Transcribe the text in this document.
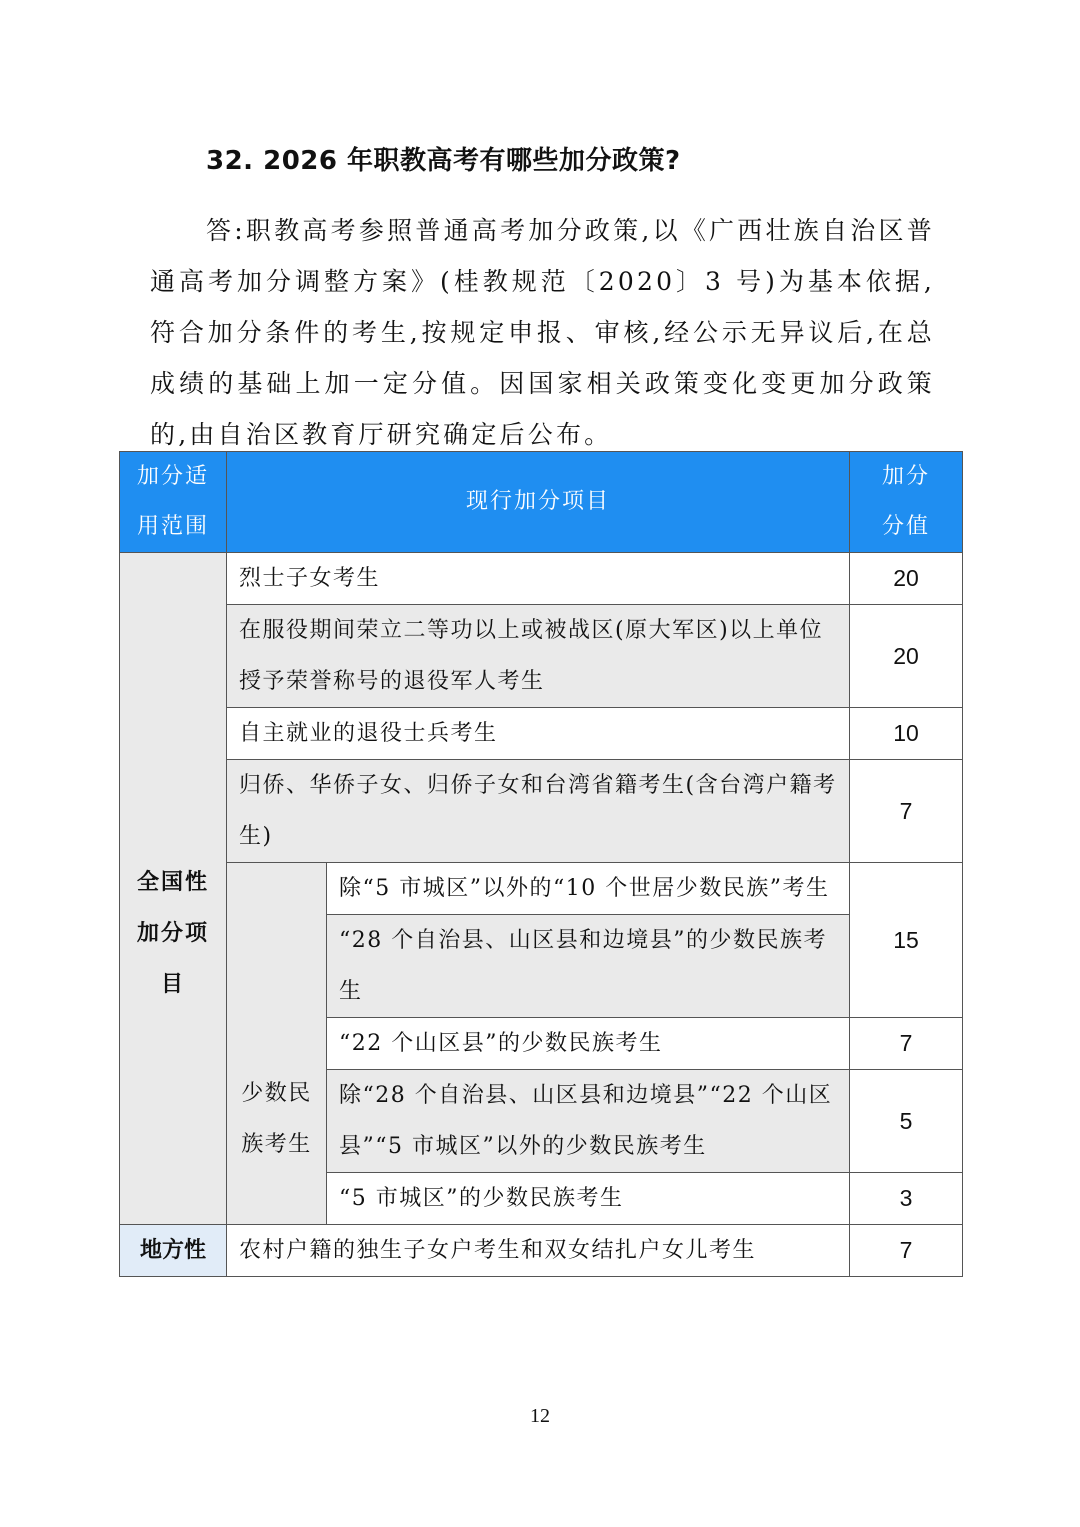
32. 2026 年职教高考有哪些加分政策?

答:职教高考参照普通高考加分政策,以《广西壮族自治区普通高考加分调整方案》(桂教规范〔2020〕3 号)为基本依据,符合加分条件的考生,按规定申报、审核,经公示无异议后,在总成绩的基础上加一定分值。因国家相关政策变化变更加分政策的,由自治区教育厅研究确定后公布。

加分适用范围	现行加分项目		加分分值
全国性加分项目	烈士子女考生		20
	在服役期间荣立二等功以上或被战区(原大军区)以上单位授予荣誉称号的退役军人考生		20
	自主就业的退役士兵考生		10
	归侨、华侨子女、归侨子女和台湾省籍考生(含台湾户籍考生)		7
	少数民族考生	除“5 市城区”以外的“10 个世居少数民族”考生	15
		“28 个自治县、山区县和边境县”的少数民族考生	
		“22 个山区县”的少数民族考生	7
		除“28 个自治县、山区县和边境县”“22 个山区县”“5 市城区”以外的少数民族考生	5
		“5 市城区”的少数民族考生	3
地方性	农村户籍的独生子女户考生和双女结扎户女儿考生		7
12
